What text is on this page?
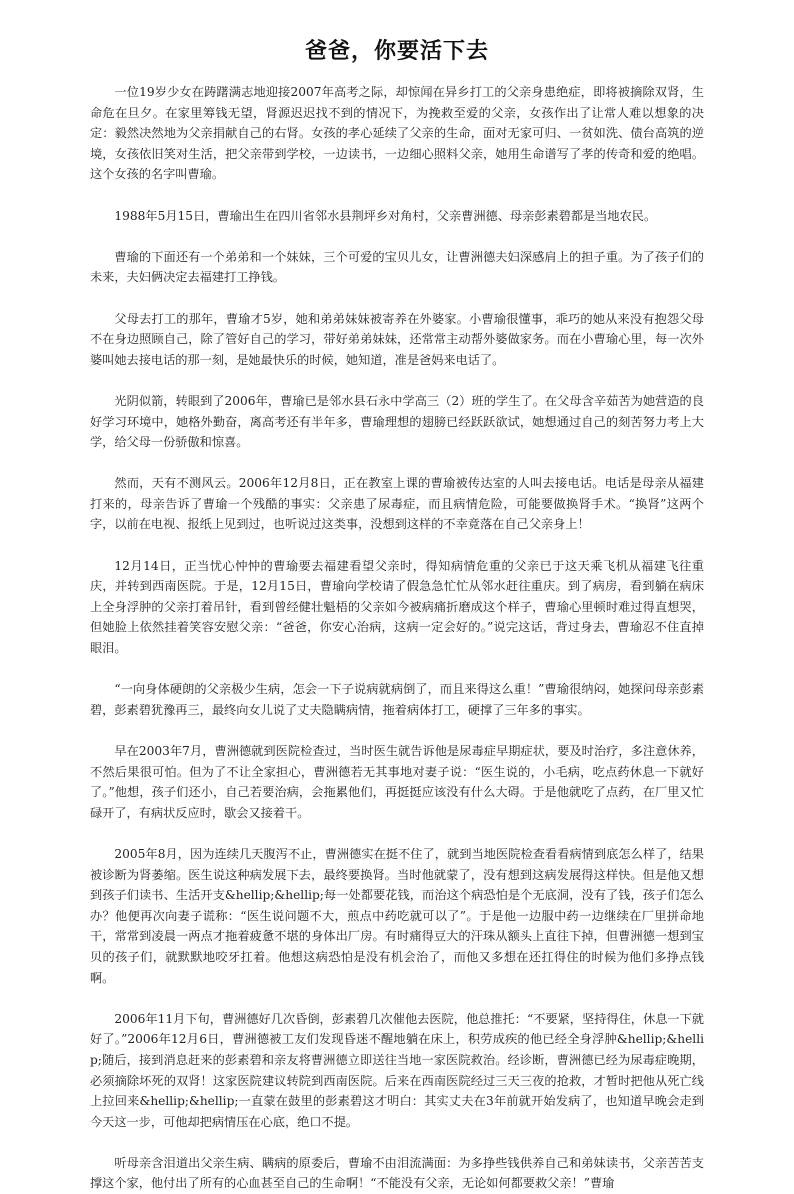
爸爸，你要活下去

一位19岁少女在踌躇满志地迎接2007年高考之际，却惊闻在异乡打工的父亲身患绝症，即将被摘除双肾，生命危在旦夕。在家里筹钱无望，肾源迟迟找不到的情况下，为挽救至爱的父亲，女孩作出了让常人难以想象的决定：毅然决然地为父亲捐献自己的右肾。女孩的孝心延续了父亲的生命，面对无家可归、一贫如洗、债台高筑的逆境，女孩依旧笑对生活，把父亲带到学校，一边读书，一边细心照料父亲，她用生命谱写了孝的传奇和爱的绝唱。这个女孩的名字叫曹瑜。

1988年5月15日，曹瑜出生在四川省邻水县荆坪乡对角村，父亲曹洲德、母亲彭素碧都是当地农民。

曹瑜的下面还有一个弟弟和一个妹妹，三个可爱的宝贝儿女，让曹洲德夫妇深感肩上的担子重。为了孩子们的未来，夫妇俩决定去福建打工挣钱。

父母去打工的那年，曹瑜才5岁，她和弟弟妹妹被寄养在外婆家。小曹瑜很懂事，乖巧的她从来没有抱怨父母不在身边照顾自己，除了管好自己的学习，带好弟弟妹妹，还常常主动帮外婆做家务。而在小曹瑜心里，每一次外婆叫她去接电话的那一刻，是她最快乐的时候，她知道，准是爸妈来电话了。

光阴似箭，转眼到了2006年，曹瑜已是邻水县石永中学高三（2）班的学生了。在父母含辛茹苦为她营造的良好学习环境中，她格外勤奋，离高考还有半年多，曹瑜理想的翅膀已经跃跃欲试，她想通过自己的刻苦努力考上大学，给父母一份骄傲和惊喜。

然而，天有不测风云。2006年12月8日，正在教室上课的曹瑜被传达室的人叫去接电话。电话是母亲从福建打来的，母亲告诉了曹瑜一个残酷的事实：父亲患了尿毒症，而且病情危险，可能要做换肾手术。“换肾”这两个字，以前在电视、报纸上见到过，也听说过这类事，没想到这样的不幸竟落在自己父亲身上！

12月14日，正当忧心忡忡的曹瑜要去福建看望父亲时，得知病情危重的父亲已于这天乘飞机从福建飞往重庆，并转到西南医院。于是，12月15日，曹瑜向学校请了假急急忙忙从邻水赶往重庆。到了病房，看到躺在病床上全身浮肿的父亲打着吊针，看到曾经健壮魁梧的父亲如今被病痛折磨成这个样子，曹瑜心里顿时难过得直想哭，但她脸上依然挂着笑容安慰父亲：“爸爸，你安心治病，这病一定会好的。”说完这话，背过身去，曹瑜忍不住直掉眼泪。

“一向身体硬朗的父亲极少生病，怎会一下子说病就病倒了，而且来得这么重！”曹瑜很纳闷，她探问母亲彭素碧，彭素碧犹豫再三，最终向女儿说了丈夫隐瞒病情，拖着病体打工，硬撑了三年多的事实。

早在2003年7月，曹洲德就到医院检查过，当时医生就告诉他是尿毒症早期症状，要及时治疗，多注意休养，不然后果很可怕。但为了不让全家担心，曹洲德若无其事地对妻子说：“医生说的，小毛病，吃点药休息一下就好了。”他想，孩子们还小，自己若要治病，会拖累他们，再挺挺应该没有什么大碍。于是他就吃了点药，在厂里又忙碌开了，有病状反应时，歇会又接着干。

2005年8月，因为连续几天腹泻不止，曹洲德实在挺不住了，就到当地医院检查看看病情到底怎么样了，结果被诊断为肾萎缩。医生说这种病发展下去，最终要换肾。当时他就蒙了，没有想到这病发展得这样快。但是他又想到孩子们读书、生活开支&hellip;&hellip;每一处都要花钱，而治这个病恐怕是个无底洞，没有了钱，孩子们怎么办？他便再次向妻子谎称：“医生说问题不大，煎点中药吃就可以了”。于是他一边服中药一边继续在厂里拼命地干，常常到凌晨一两点才拖着疲惫不堪的身体出厂房。有时痛得豆大的汗珠从额头上直往下掉，但曹洲德一想到宝贝的孩子们，就默默地咬牙扛着。他想这病恐怕是没有机会治了，而他又多想在还扛得住的时候为他们多挣点钱啊。

2006年11月下旬，曹洲德好几次昏倒，彭素碧几次催他去医院，他总推托：“不要紧，坚持得住，休息一下就好了。”2006年12月6日，曹洲德被工友们发现昏迷不醒地躺在床上，积劳成疾的他已经全身浮肿&hellip;&hellip;随后，接到消息赶来的彭素碧和亲友将曹洲德立即送往当地一家医院救治。经诊断，曹洲德已经为尿毒症晚期，必须摘除坏死的双肾！这家医院建议转院到西南医院。后来在西南医院经过三天三夜的抢救，才暂时把他从死亡线上拉回来&hellip;&hellip;一直蒙在鼓里的彭素碧这才明白：其实丈夫在3年前就开始发病了，也知道早晚会走到今天这一步，可他却把病情压在心底，绝口不提。

听母亲含泪道出父亲生病、瞒病的原委后，曹瑜不由泪流满面：为多挣些钱供养自己和弟妹读书，父亲苦苦支撑这个家，他付出了所有的心血甚至自己的生命啊！“不能没有父亲，无论如何都要救父亲！”曹瑜
